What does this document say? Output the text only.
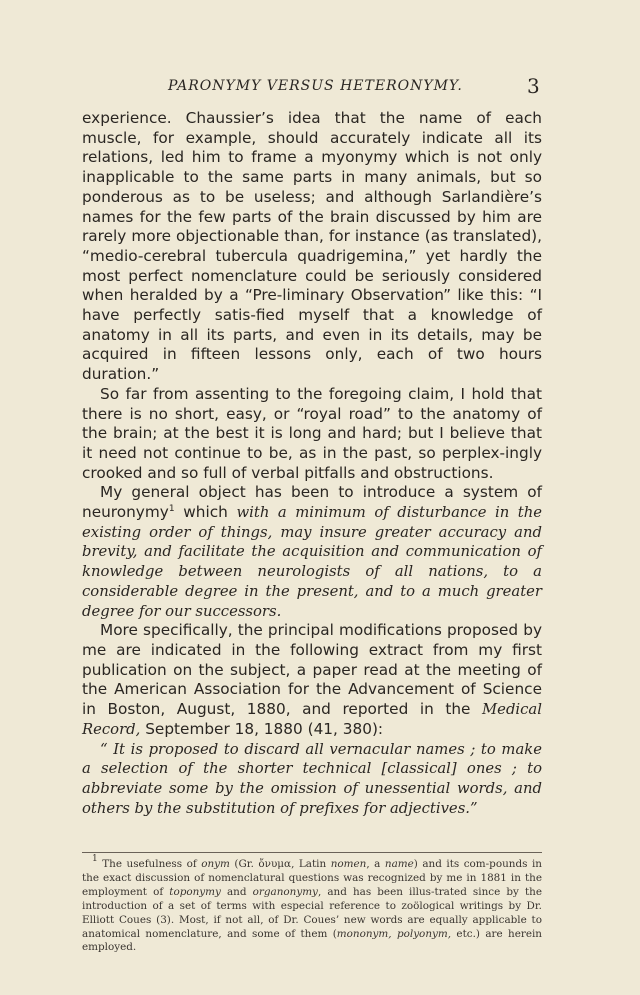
PARONYMY VERSUS HETERONYMY.	3

experience. Chaussier’s idea that the name of each muscle, for example, should accurately indicate all its relations, led him to frame a myonymy which is not only inapplicable to the same parts in many animals, but so ponderous as to be useless; and although Sarlandière’s names for the few parts of the brain discussed by him are rarely more objectionable than, for instance (as translated), “medio-cerebral tubercula quadrigemina,” yet hardly the most perfect nomenclature could be seriously considered when heralded by a “Pre-liminary Observation” like this: “I have perfectly satis-fied myself that a knowledge of anatomy in all its parts, and even in its details, may be acquired in fifteen lessons only, each of two hours duration.”

So far from assenting to the foregoing claim, I hold that there is no short, easy, or “royal road” to the anatomy of the brain; at the best it is long and hard; but I believe that it need not continue to be, as in the past, so perplex-ingly crooked and so full of verbal pitfalls and obstructions.

My general object has been to introduce a system of neuronymy$^1$ which with a minimum of disturbance in the existing order of things, may insure greater accuracy and brevity, and facilitate the acquisition and communication of knowledge between neurologists of all nations, to a considerable degree in the present, and to a much greater degree for our successors.

More specifically, the principal modifications proposed by me are indicated in the following extract from my first publication on the subject, a paper read at the meeting of the American Association for the Advancement of Science in Boston, August, 1880, and reported in the Medical Record, September 18, 1880 (41, 380):

“ It is proposed to discard all vernacular names ; to make a selection of the shorter technical [classical] ones ; to abbreviate some by the omission of unessential words, and others by the substitution of prefixes for adjectives.”

$^1$ The usefulness of onym (Gr. ὄνυμα, Latin nomen, a name) and its com-pounds in the exact discussion of nomenclatural questions was recognized by me in 1881 in the employment of toponymy and organonymy, and has been illus-trated since by the introduction of a set of terms with especial reference to zoölogical writings by Dr. Elliott Coues (3). Most, if not all, of Dr. Coues’ new words are equally applicable to anatomical nomenclature, and some of them (mononym, polyonym, etc.) are herein employed.
